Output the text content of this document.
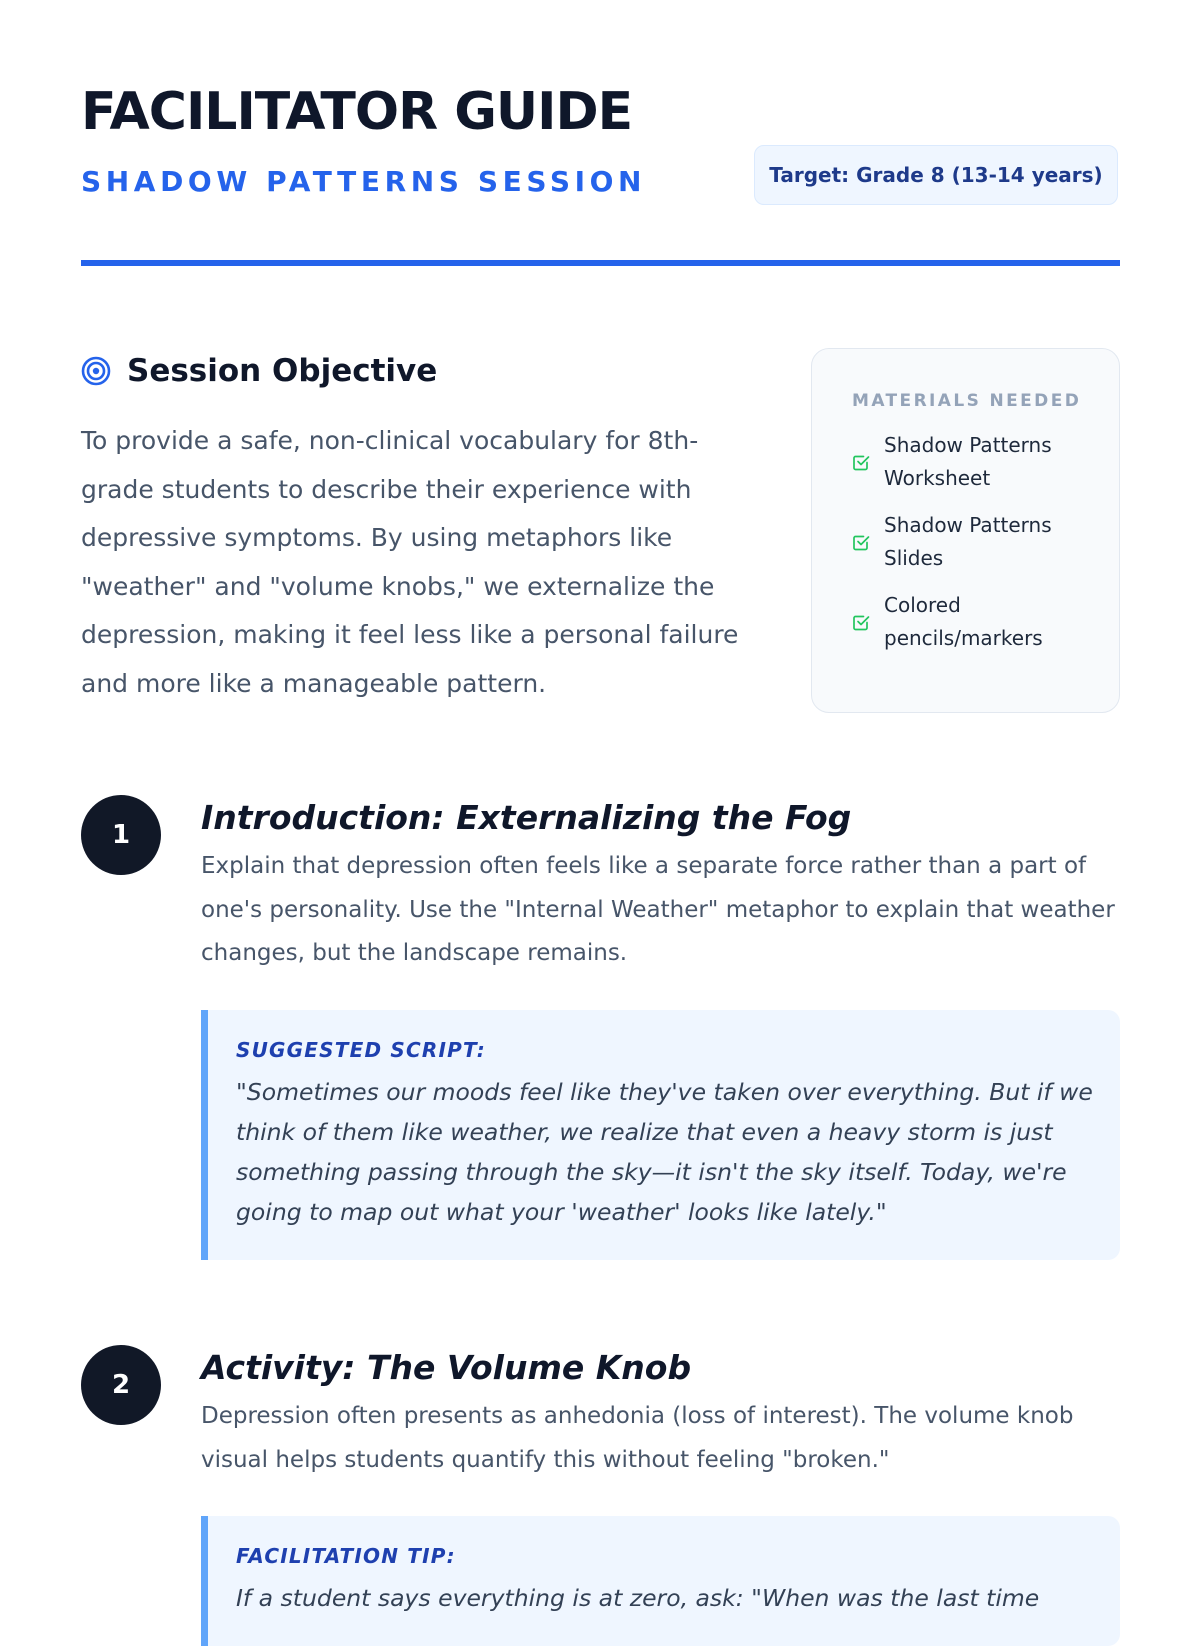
FACILITATOR GUIDE
SHADOW PATTERNS SESSION	Target: Grade 8 (13-14 years)
Session Objective

To provide a safe, non-clinical vocabulary for 8th-grade students to describe their experience with depressive symptoms. By using metaphors like "weather" and "volume knobs," we externalize the depression, making it feel less like a personal failure and more like a manageable pattern.

MATERIALS NEEDED
Shadow Patterns Worksheet
Shadow Patterns Slides
Colored pencils/markers
1	Introduction: Externalizing the Fog

Explain that depression often feels like a separate force rather than a part of one's personality. Use the "Internal Weather" metaphor to explain that weather changes, but the landscape remains.

SUGGESTED SCRIPT:
"Sometimes our moods feel like they've taken over everything. But if we think of them like weather, we realize that even a heavy storm is just something passing through the sky—it isn't the sky itself. Today, we're going to map out what your 'weather' looks like lately."
2	Activity: The Volume Knob

Depression often presents as anhedonia (loss of interest). The volume knob visual helps students quantify this without feeling "broken."

FACILITATION TIP:
If a student says everything is at zero, ask: "When was the last time
